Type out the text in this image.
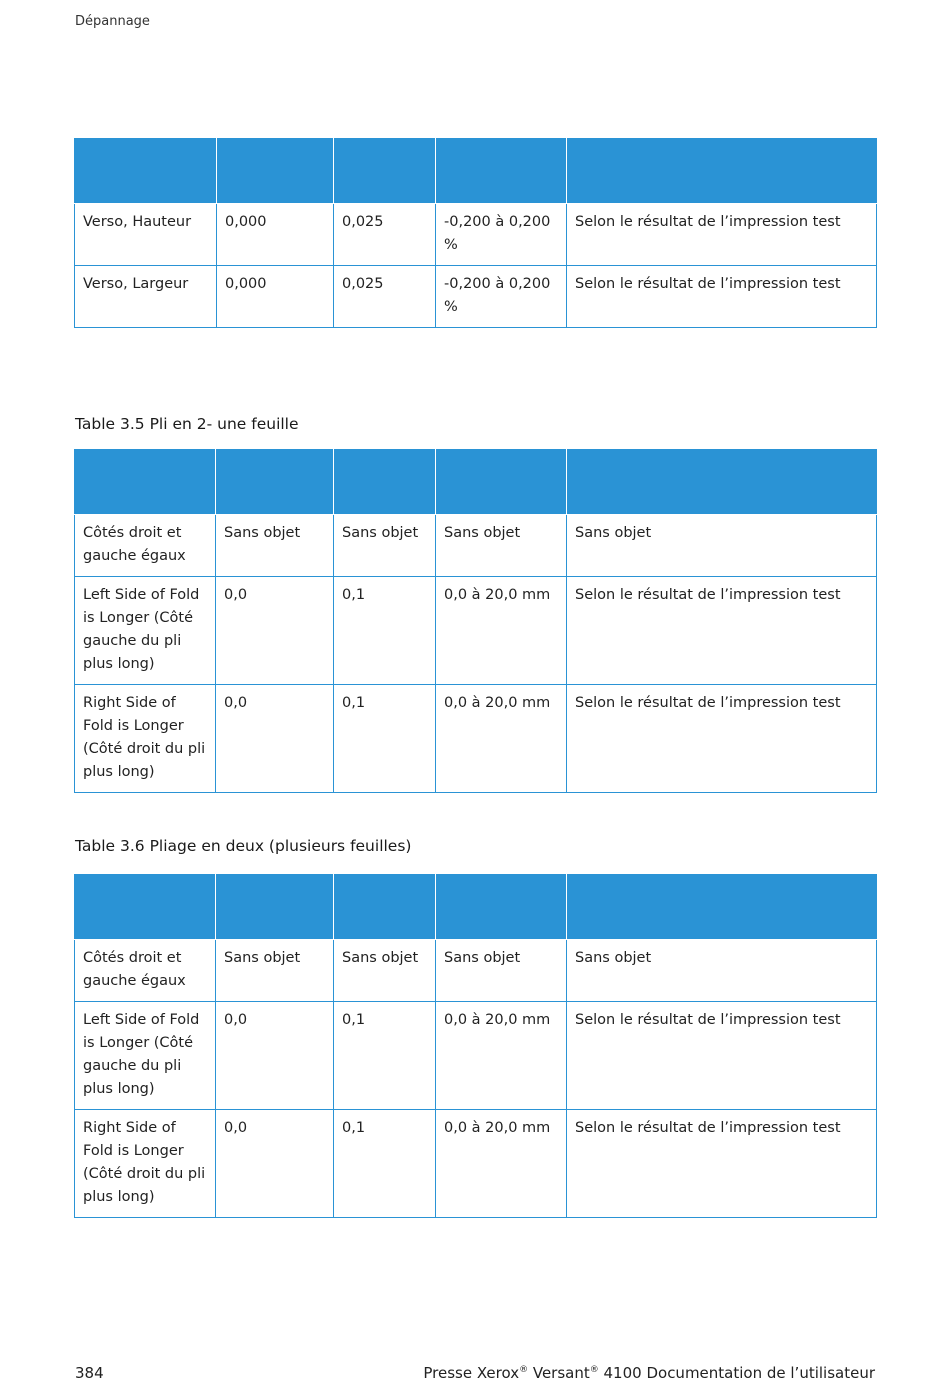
Dépannage

Verso, Hauteur	0,000	0,025	-0,200 à 0,200 %	Selon le résultat de l’impression test
Verso, Largeur	0,000	0,025	-0,200 à 0,200 %	Selon le résultat de l’impression test
Table 3.5 Pli en 2- une feuille

Côtés droit et gauche égaux	Sans objet	Sans objet	Sans objet	Sans objet
Left Side of Fold is Longer (Côté gauche du pli plus long)	0,0	0,1	0,0 à 20,0 mm	Selon le résultat de l’impression test
Right Side of Fold is Longer (Côté droit du pli plus long)	0,0	0,1	0,0 à 20,0 mm	Selon le résultat de l’impression test
Table 3.6 Pliage en deux (plusieurs feuilles)

Côtés droit et gauche égaux	Sans objet	Sans objet	Sans objet	Sans objet
Left Side of Fold is Longer (Côté gauche du pli plus long)	0,0	0,1	0,0 à 20,0 mm	Selon le résultat de l’impression test
Right Side of Fold is Longer (Côté droit du pli plus long)	0,0	0,1	0,0 à 20,0 mm	Selon le résultat de l’impression test
384	Presse Xerox® Versant® 4100 Documentation de l’utilisateur
